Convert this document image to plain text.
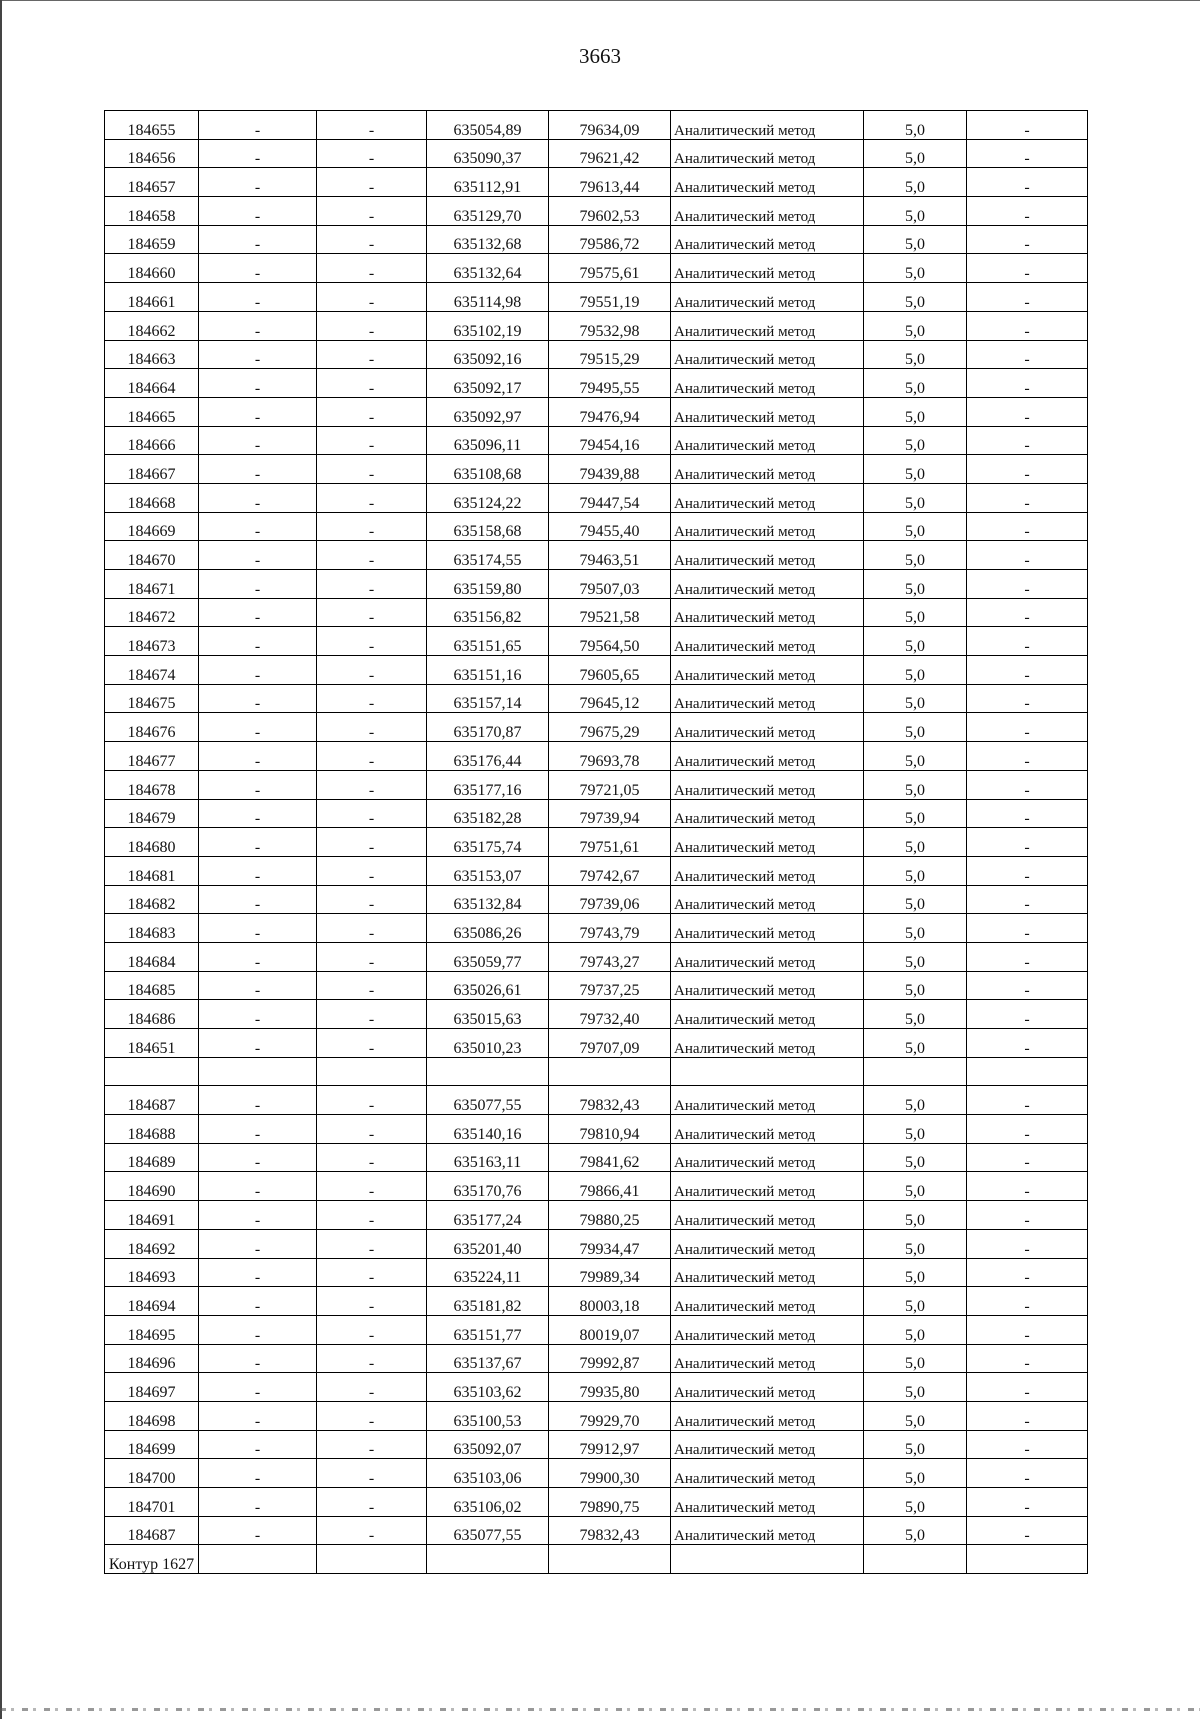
3663
184655	-	-	635054,89	79634,09	Аналитический метод	5,0	-
184656	-	-	635090,37	79621,42	Аналитический метод	5,0	-
184657	-	-	635112,91	79613,44	Аналитический метод	5,0	-
184658	-	-	635129,70	79602,53	Аналитический метод	5,0	-
184659	-	-	635132,68	79586,72	Аналитический метод	5,0	-
184660	-	-	635132,64	79575,61	Аналитический метод	5,0	-
184661	-	-	635114,98	79551,19	Аналитический метод	5,0	-
184662	-	-	635102,19	79532,98	Аналитический метод	5,0	-
184663	-	-	635092,16	79515,29	Аналитический метод	5,0	-
184664	-	-	635092,17	79495,55	Аналитический метод	5,0	-
184665	-	-	635092,97	79476,94	Аналитический метод	5,0	-
184666	-	-	635096,11	79454,16	Аналитический метод	5,0	-
184667	-	-	635108,68	79439,88	Аналитический метод	5,0	-
184668	-	-	635124,22	79447,54	Аналитический метод	5,0	-
184669	-	-	635158,68	79455,40	Аналитический метод	5,0	-
184670	-	-	635174,55	79463,51	Аналитический метод	5,0	-
184671	-	-	635159,80	79507,03	Аналитический метод	5,0	-
184672	-	-	635156,82	79521,58	Аналитический метод	5,0	-
184673	-	-	635151,65	79564,50	Аналитический метод	5,0	-
184674	-	-	635151,16	79605,65	Аналитический метод	5,0	-
184675	-	-	635157,14	79645,12	Аналитический метод	5,0	-
184676	-	-	635170,87	79675,29	Аналитический метод	5,0	-
184677	-	-	635176,44	79693,78	Аналитический метод	5,0	-
184678	-	-	635177,16	79721,05	Аналитический метод	5,0	-
184679	-	-	635182,28	79739,94	Аналитический метод	5,0	-
184680	-	-	635175,74	79751,61	Аналитический метод	5,0	-
184681	-	-	635153,07	79742,67	Аналитический метод	5,0	-
184682	-	-	635132,84	79739,06	Аналитический метод	5,0	-
184683	-	-	635086,26	79743,79	Аналитический метод	5,0	-
184684	-	-	635059,77	79743,27	Аналитический метод	5,0	-
184685	-	-	635026,61	79737,25	Аналитический метод	5,0	-
184686	-	-	635015,63	79732,40	Аналитический метод	5,0	-
184651	-	-	635010,23	79707,09	Аналитический метод	5,0	-

184687	-	-	635077,55	79832,43	Аналитический метод	5,0	-
184688	-	-	635140,16	79810,94	Аналитический метод	5,0	-
184689	-	-	635163,11	79841,62	Аналитический метод	5,0	-
184690	-	-	635170,76	79866,41	Аналитический метод	5,0	-
184691	-	-	635177,24	79880,25	Аналитический метод	5,0	-
184692	-	-	635201,40	79934,47	Аналитический метод	5,0	-
184693	-	-	635224,11	79989,34	Аналитический метод	5,0	-
184694	-	-	635181,82	80003,18	Аналитический метод	5,0	-
184695	-	-	635151,77	80019,07	Аналитический метод	5,0	-
184696	-	-	635137,67	79992,87	Аналитический метод	5,0	-
184697	-	-	635103,62	79935,80	Аналитический метод	5,0	-
184698	-	-	635100,53	79929,70	Аналитический метод	5,0	-
184699	-	-	635092,07	79912,97	Аналитический метод	5,0	-
184700	-	-	635103,06	79900,30	Аналитический метод	5,0	-
184701	-	-	635106,02	79890,75	Аналитический метод	5,0	-
184687	-	-	635077,55	79832,43	Аналитический метод	5,0	-
Контур 1627							
